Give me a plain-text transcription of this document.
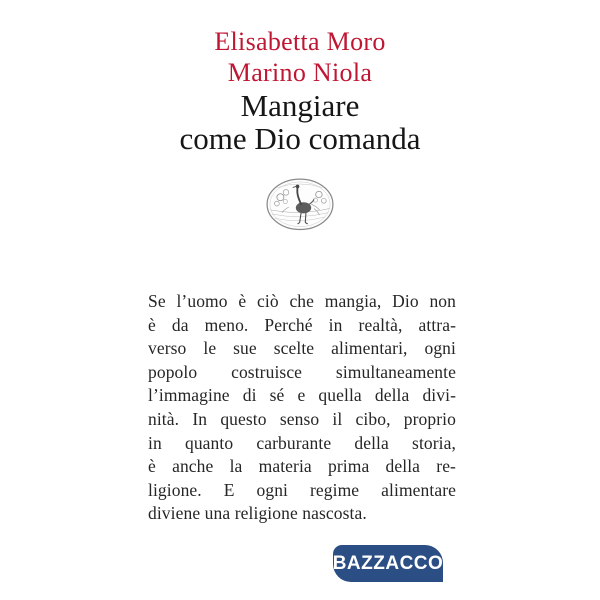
Elisabetta Moro
Marino Niola
Mangiare
come Dio comanda
Se l’uomo è ciò che mangia, Dio non
è da meno. Perché in realtà, attra-
verso le sue scelte alimentari, ogni
popolo costruisce simultaneamente
l’immagine di sé e quella della divi-
nità. In questo senso il cibo, proprio
in quanto carburante della storia,
è anche la materia prima della re-
ligione. E ogni regime alimentare
diviene una religione nascosta.
BAZZACCO
